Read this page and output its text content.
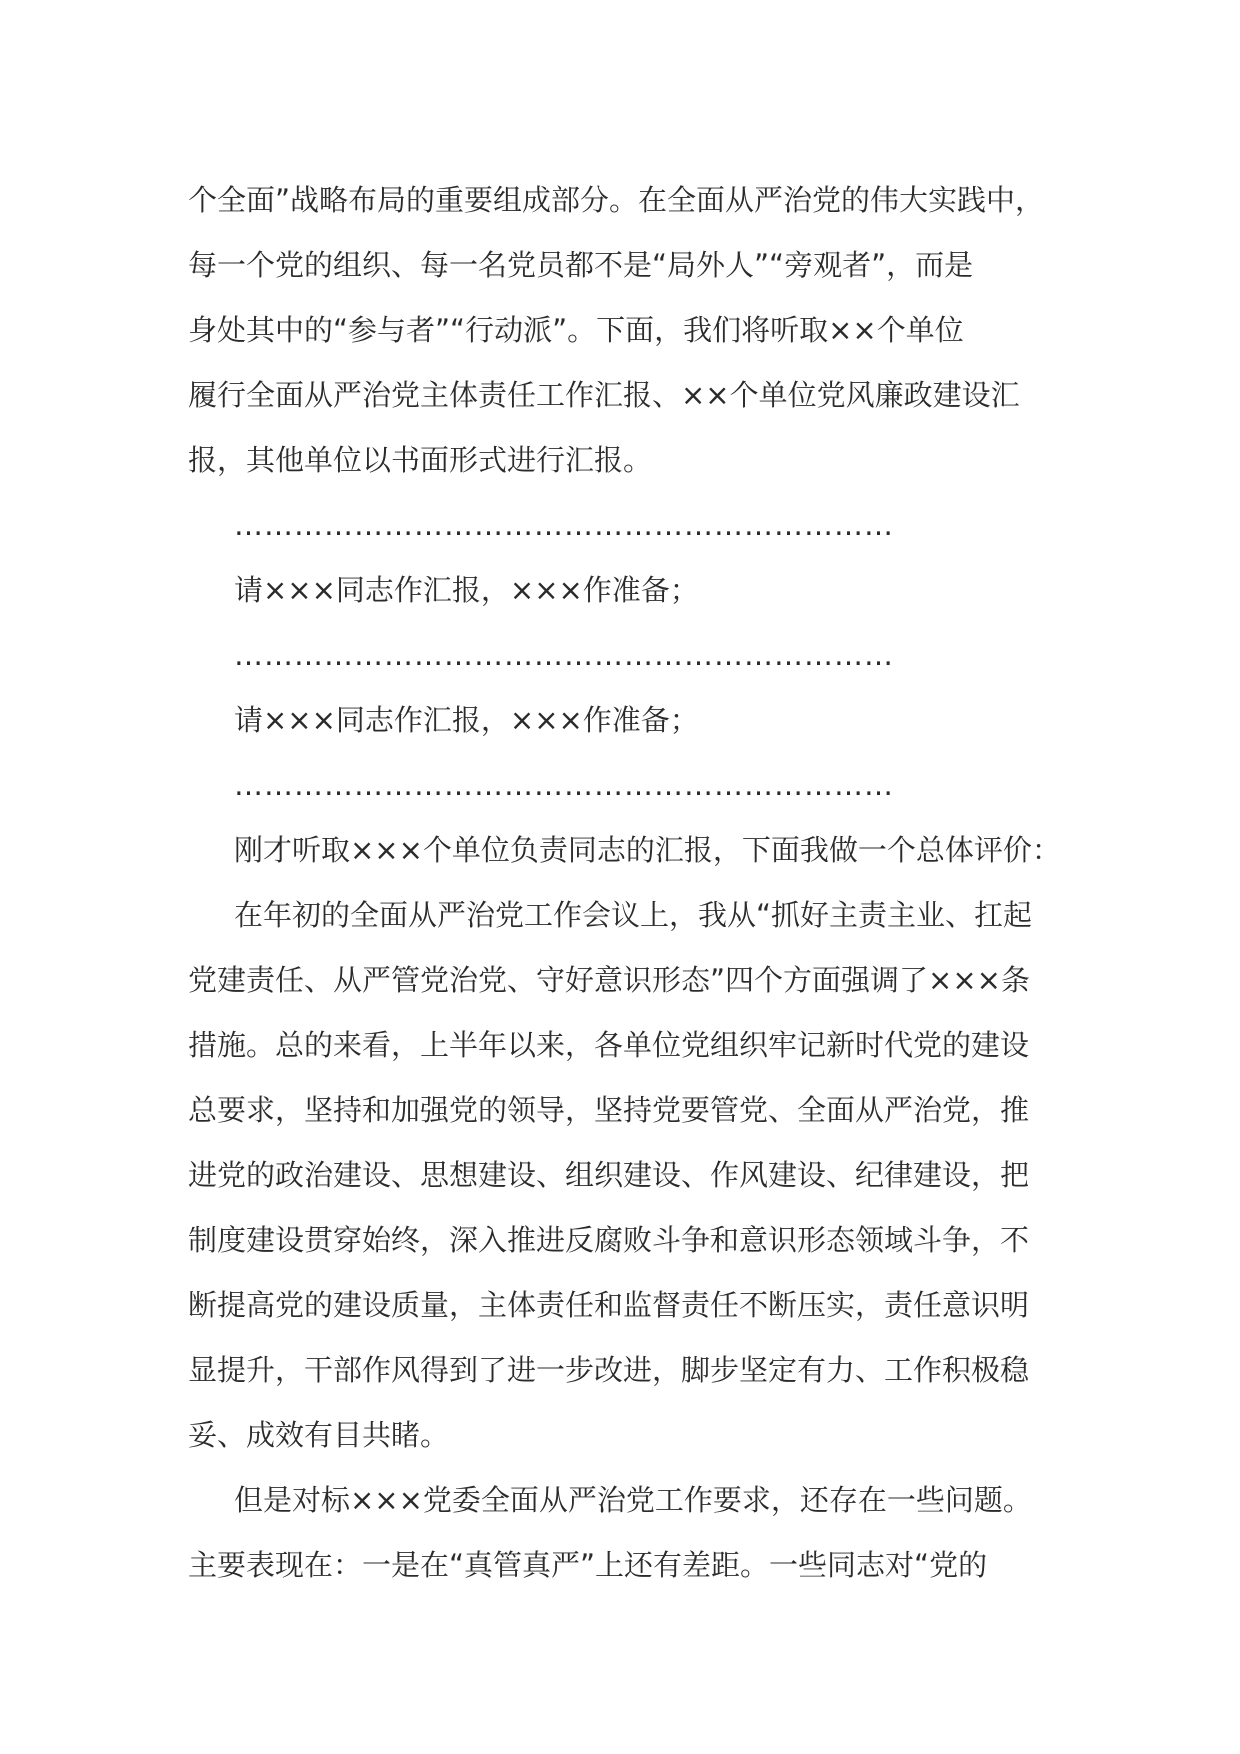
个全面”战略布局的重要组成部分。在全面从严治党的伟大实践中，
每一个党的组织、每一名党员都不是“局外人”“旁观者”，而是
身处其中的“参与者”“行动派”。下面，我们将听取××个单位
履行全面从严治党主体责任工作汇报、××个单位党风廉政建设汇
报，其他单位以书面形式进行汇报。
…………………………………………………………
请×××同志作汇报，×××作准备；
…………………………………………………………
请×××同志作汇报，×××作准备；
…………………………………………………………
刚才听取×××个单位负责同志的汇报，下面我做一个总体评价：
在年初的全面从严治党工作会议上，我从“抓好主责主业、扛起
党建责任、从严管党治党、守好意识形态”四个方面强调了×××条
措施。总的来看，上半年以来，各单位党组织牢记新时代党的建设
总要求，坚持和加强党的领导，坚持党要管党、全面从严治党，推
进党的政治建设、思想建设、组织建设、作风建设、纪律建设，把
制度建设贯穿始终，深入推进反腐败斗争和意识形态领域斗争，不
断提高党的建设质量，主体责任和监督责任不断压实，责任意识明
显提升，干部作风得到了进一步改进，脚步坚定有力、工作积极稳
妥、成效有目共睹。
但是对标×××党委全面从严治党工作要求，还存在一些问题。
主要表现在：一是在“真管真严”上还有差距。一些同志对“党的
